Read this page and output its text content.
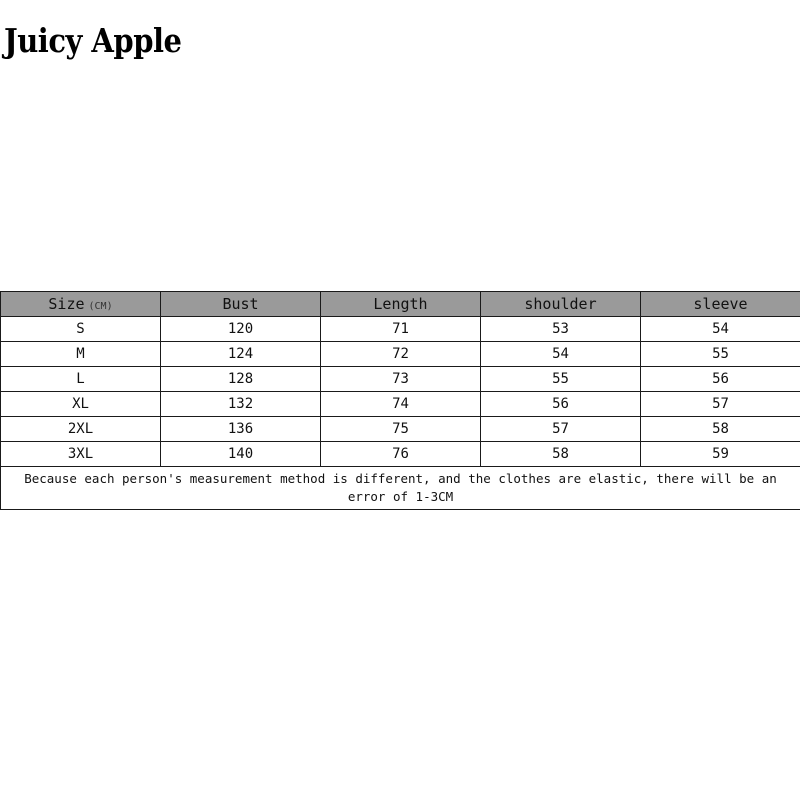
Juicy Apple
Size (CM)	Bust	Length	shoulder	sleeve
S	120	71	53	54
M	124	72	54	55
L	128	73	55	56
XL	132	74	56	57
2XL	136	75	57	58
3XL	140	76	58	59
Because each person's measurement method is different, and the clothes are elastic, there will be an error of 1-3CM				
